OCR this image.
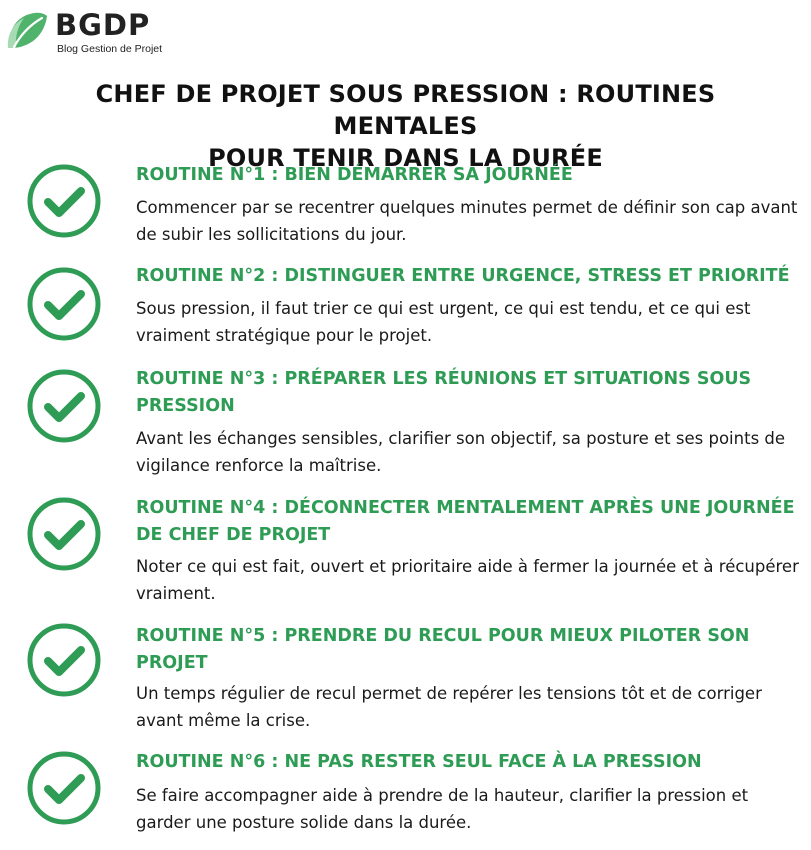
BGDP
Blog Gestion de Projet
CHEF DE PROJET SOUS PRESSION : ROUTINES MENTALES
POUR TENIR DANS LA DURÉE
ROUTINE N°1 : BIEN DÉMARRER SA JOURNÉE

Commencer par se recentrer quelques minutes permet de définir son cap avant de subir les sollicitations du jour.

ROUTINE N°2 : DISTINGUER ENTRE URGENCE, STRESS ET PRIORITÉ

Sous pression, il faut trier ce qui est urgent, ce qui est tendu, et ce qui est vraiment stratégique pour le projet.

ROUTINE N°3 : PRÉPARER LES RÉUNIONS ET SITUATIONS SOUS PRESSION

Avant les échanges sensibles, clarifier son objectif, sa posture et ses points de vigilance renforce la maîtrise.

ROUTINE N°4 : DÉCONNECTER MENTALEMENT APRÈS UNE JOURNÉE DE CHEF DE PROJET

Noter ce qui est fait, ouvert et prioritaire aide à fermer la journée et à récupérer vraiment.

ROUTINE N°5 : PRENDRE DU RECUL POUR MIEUX PILOTER SON PROJET

Un temps régulier de recul permet de repérer les tensions tôt et de corriger avant même la crise.

ROUTINE N°6 : NE PAS RESTER SEUL FACE À LA PRESSION

Se faire accompagner aide à prendre de la hauteur, clarifier la pression et garder une posture solide dans la durée.
